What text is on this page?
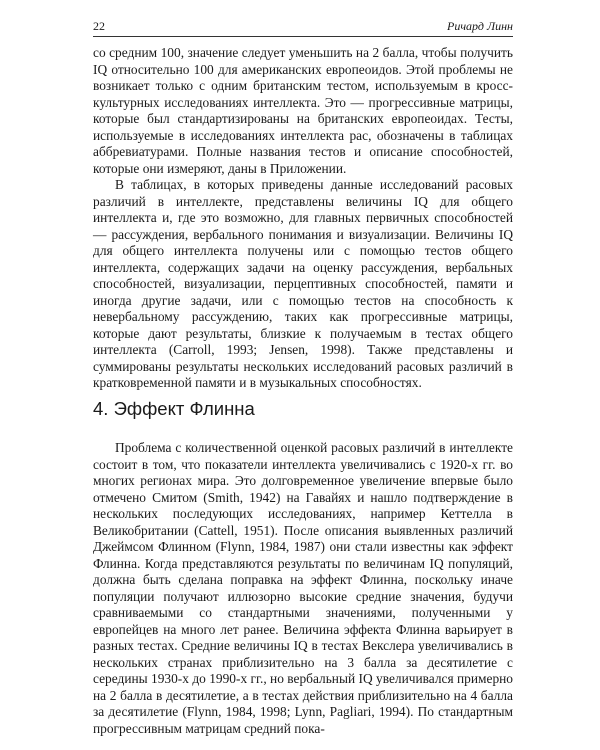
22	Ричард Линн

со средним 100, значение следует уменьшить на 2 балла, чтобы получить IQ относительно 100 для американских европеоидов. Этой проблемы не возникает только с одним британским тестом, используемым в кросс-культурных исследованиях интеллекта. Это — прогрессивные матрицы, которые был стандартизированы на британских европеоидах. Тесты, используемые в исследованиях интеллекта рас, обозначены в таблицах аббревиатурами. Полные названия тестов и описание способностей, которые они измеряют, даны в Приложении.

В таблицах, в которых приведены данные исследований расовых различий в интеллекте, представлены величины IQ для общего интеллекта и, где это возможно, для главных первичных способностей — рассуждения, вербального понимания и визуализации. Величины IQ для общего интеллекта получены или с помощью тестов общего интеллекта, содержащих задачи на оценку рассуждения, вербальных способностей, визуализации, перцептивных способностей, памяти и иногда другие задачи, или с помощью тестов на способность к невербальному рассуждению, таких как прогрессивные матрицы, которые дают результаты, близкие к получаемым в тестах общего интеллекта (Carroll, 1993; Jensen, 1998). Также представлены и суммированы результаты нескольких исследований расовых различий в кратковременной памяти и в музыкальных способностях.

4. Эффект Флинна

Проблема с количественной оценкой расовых различий в интеллекте состоит в том, что показатели интеллекта увеличивались с 1920-х гг. во многих регионах мира. Это долговременное увеличение впервые было отмечено Смитом (Smith, 1942) на Гавайях и нашло подтверждение в нескольких последующих исследованиях, например Кеттелла в Великобритании (Cattell, 1951). После описания выявленных различий Джеймсом Флинном (Flynn, 1984, 1987) они стали известны как эффект Флинна. Когда представляются результаты по величинам IQ популяций, должна быть сделана поправка на эффект Флинна, поскольку иначе популяции получают иллюзорно высокие средние значения, будучи сравниваемыми со стандартными значениями, полученными у европейцев на много лет ранее. Величина эффекта Флинна варьирует в разных тестах. Средние величины IQ в тестах Векслера увеличивались в нескольких странах приблизительно на 3 балла за десятилетие с середины 1930-х до 1990-х гг., но вербальный IQ увеличивался примерно на 2 балла в десятилетие, а в тестах действия приблизительно на 4 балла за десятилетие (Flynn, 1984, 1998; Lynn, Pagliari, 1994). По стандартным прогрессивным матрицам средний пока-
